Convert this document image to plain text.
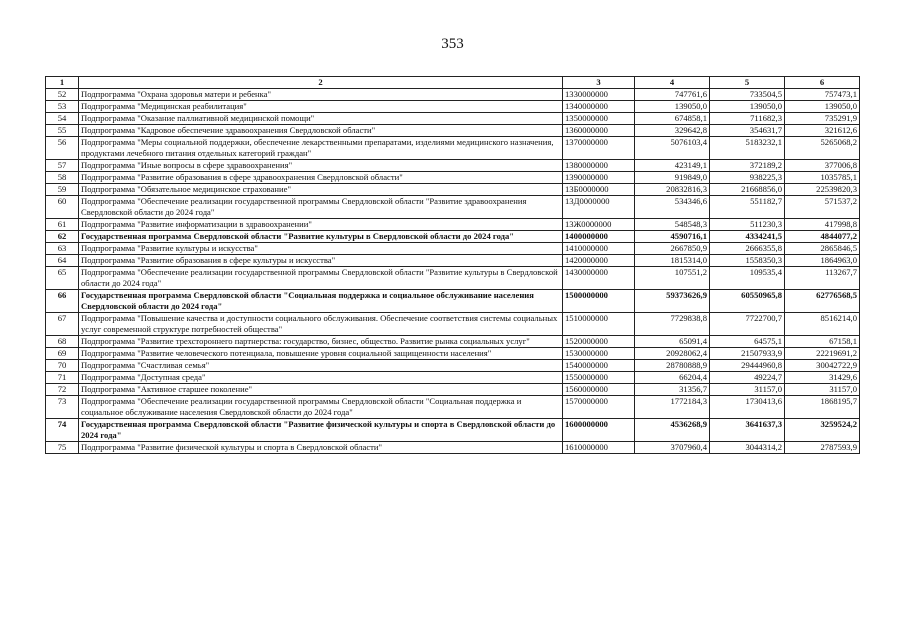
353
1	2	3	4	5	6
52	Подпрограмма "Охрана здоровья матери и ребенка"	1330000000	747761,6	733504,5	757473,1
53	Подпрограмма "Медицинская реабилитация"	1340000000	139050,0	139050,0	139050,0
54	Подпрограмма "Оказание паллиативной медицинской помощи"	1350000000	674858,1	711682,3	735291,9
55	Подпрограмма "Кадровое обеспечение здравоохранения Свердловской области"	1360000000	329642,8	354631,7	321612,6
56	Подпрограмма "Меры социальной поддержки, обеспечение лекарственными препаратами, изделиями медицинского назначения, продуктами лечебного питания отдельных категорий граждан"	1370000000	5076103,4	5183232,1	5265068,2
57	Подпрограмма "Иные вопросы в сфере здравоохранения"	1380000000	423149,1	372189,2	377006,8
58	Подпрограмма "Развитие образования в сфере здравоохранения Свердловской области"	1390000000	919849,0	938225,3	1035785,1
59	Подпрограмма "Обязательное медицинское страхование"	13Б0000000	20832816,3	21668856,0	22539820,3
60	Подпрограмма "Обеспечение реализации государственной программы Свердловской области "Развитие здравоохранения Свердловской области до 2024 года"	13Д0000000	534346,6	551182,7	571537,2
61	Подпрограмма "Развитие информатизации в здравоохранении"	13Ж0000000	548548,3	511230,3	417998,8
62	Государственная программа Свердловской области "Развитие культуры в Свердловской области до 2024 года"	1400000000	4590716,1	4334241,5	4844077,2
63	Подпрограмма "Развитие культуры и искусства"	1410000000	2667850,9	2666355,8	2865846,5
64	Подпрограмма "Развитие образования в сфере культуры и искусства"	1420000000	1815314,0	1558350,3	1864963,0
65	Подпрограмма "Обеспечение реализации государственной программы Свердловской области "Развитие культуры в Свердловской области до 2024 года"	1430000000	107551,2	109535,4	113267,7
66	Государственная программа Свердловской области "Социальная поддержка и социальное обслуживание населения Свердловской области до 2024 года"	1500000000	59373626,9	60550965,8	62776568,5
67	Подпрограмма "Повышение качества и доступности социального обслуживания. Обеспечение соответствия системы социальных услуг современной структуре потребностей общества"	1510000000	7729838,8	7722700,7	8516214,0
68	Подпрограмма "Развитие трехстороннего партнерства: государство, бизнес, общество. Развитие рынка социальных услуг"	1520000000	65091,4	64575,1	67158,1
69	Подпрограмма "Развитие человеческого потенциала, повышение уровня социальной защищенности населения"	1530000000	20928062,4	21507933,9	22219691,2
70	Подпрограмма "Счастливая семья"	1540000000	28780888,9	29444960,8	30042722,9
71	Подпрограмма "Доступная среда"	1550000000	66204,4	49224,7	31429,6
72	Подпрограмма "Активное старшее поколение"	1560000000	31356,7	31157,0	31157,0
73	Подпрограмма "Обеспечение реализации государственной программы Свердловской области "Социальная поддержка и социальное обслуживание населения Свердловской области до 2024 года"	1570000000	1772184,3	1730413,6	1868195,7
74	Государственная программа Свердловской области "Развитие физической культуры и спорта в Свердловской области до 2024 года"	1600000000	4536268,9	3641637,3	3259524,2
75	Подпрограмма "Развитие физической культуры и спорта в Свердловской области"	1610000000	3707960,4	3044314,2	2787593,9
